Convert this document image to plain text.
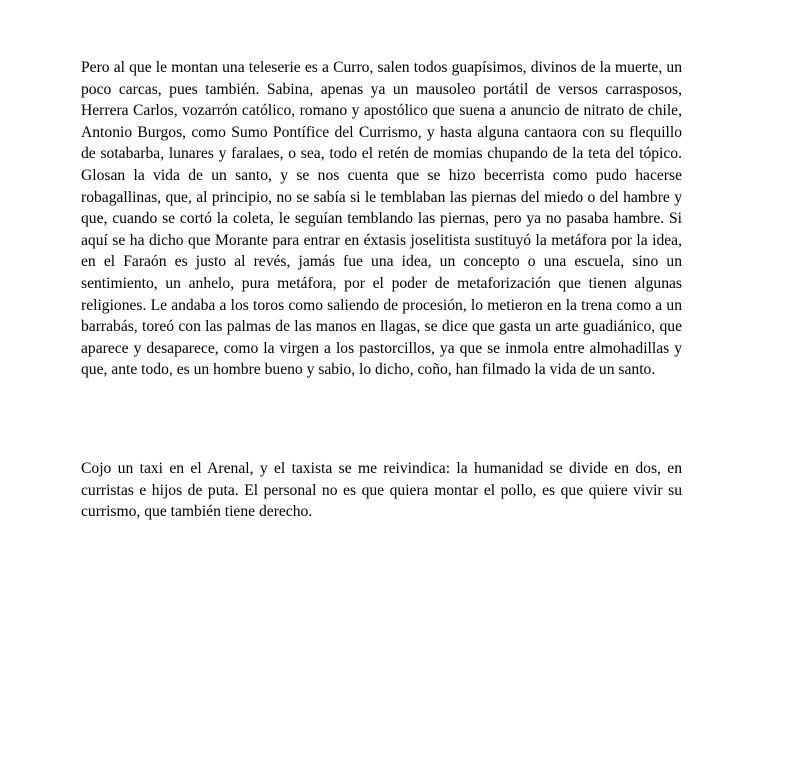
Pero al que le montan una teleserie es a Curro, salen todos guapísimos, divinos de la muerte, un poco carcas, pues también. Sabina, apenas ya un mausoleo portátil de versos carrasposos, Herrera Carlos, vozarrón católico, romano y apostólico que suena a anuncio de nitrato de chile, Antonio Burgos, como Sumo Pontífice del Currismo, y hasta alguna cantaora con su flequillo de sotabarba, lunares y faralaes, o sea, todo el retén de momias chupando de la teta del tópico. Glosan la vida de un santo, y se nos cuenta que se hizo becerrista como pudo hacerse robagallinas, que, al principio, no se sabía si le temblaban las piernas del miedo o del hambre y que, cuando se cortó la coleta, le seguían temblando las piernas, pero ya no pasaba hambre. Si aquí se ha dicho que Morante para entrar en éxtasis joselitista sustituyó la metáfora por la idea, en el Faraón es justo al revés, jamás fue una idea, un concepto o una escuela, sino un sentimiento, un anhelo, pura metáfora, por el poder de metaforización que tienen algunas religiones. Le andaba a los toros como saliendo de procesión, lo metieron en la trena como a un barrabás, toreó con las palmas de las manos en llagas, se dice que gasta un arte guadiánico, que aparece y desaparece, como la virgen a los pastorcillos, ya que se inmola entre almohadillas y que, ante todo, es un hombre bueno y sabio, lo dicho, coño, han filmado la vida de un santo.

Cojo un taxi en el Arenal, y el taxista se me reivindica: la humanidad se divide en dos, en curristas e hijos de puta. El personal no es que quiera montar el pollo, es que quiere vivir su currismo, que también tiene derecho.
